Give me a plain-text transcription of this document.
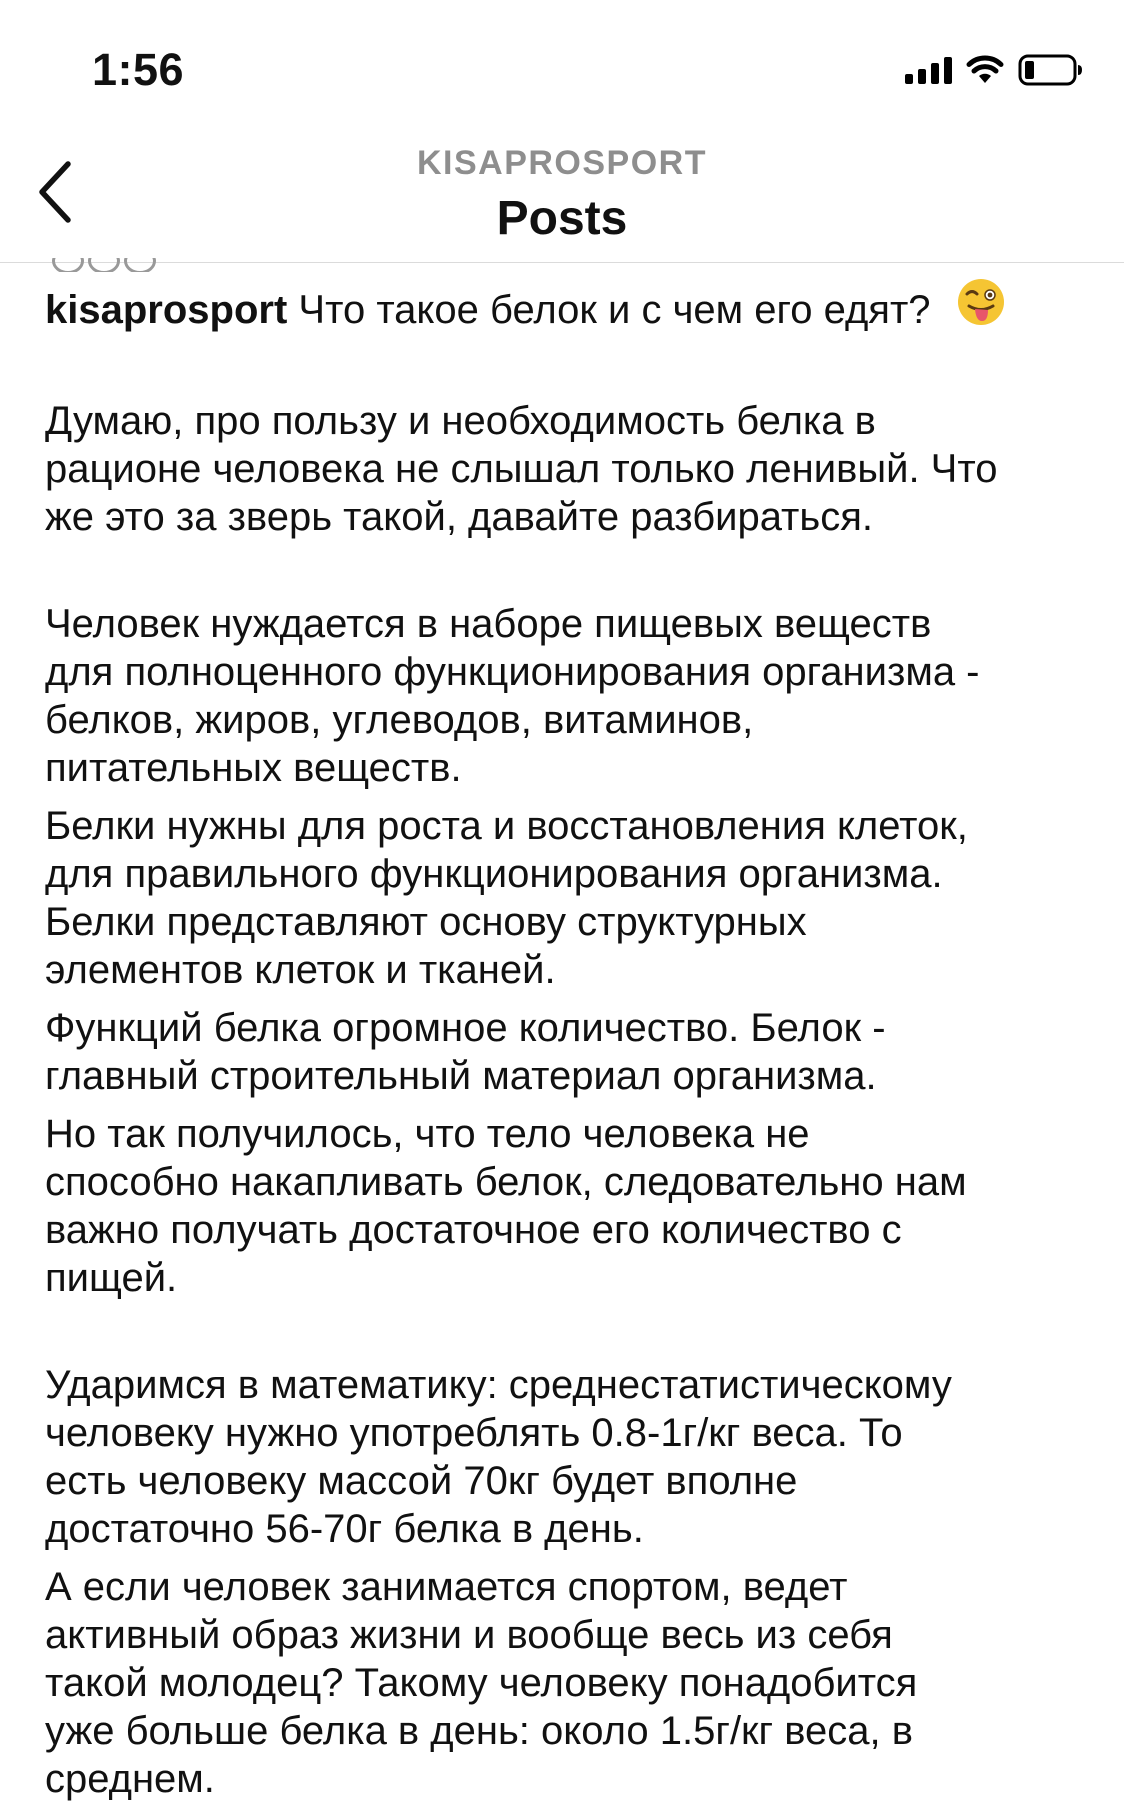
1:56
KISAPROSPORT
Posts
kisaprosport Что такое белок и с чем его едят?

Думаю, про пользу и необходимость белка в
рационе человека не слышал только ленивый. Что
же это за зверь такой, давайте разбираться.

Человек нуждается в наборе пищевых веществ
для полноценного функционирования организма -
белков, жиров, углеводов, витаминов,
питательных веществ.

Белки нужны для роста и восстановления клеток,
для правильного функционирования организма.
Белки представляют основу структурных
элементов клеток и тканей.

Функций белка огромное количество. Белок -
главный строительный материал организма.

Но так получилось, что тело человека не
способно накапливать белок, следовательно нам
важно получать достаточное его количество с
пищей.

Ударимся в математику: среднестатистическому
человеку нужно употреблять 0.8-1г/кг веса. То
есть человеку массой 70кг будет вполне
достаточно 56-70г белка в день.

А если человек занимается спортом, ведет
активный образ жизни и вообще весь из себя
такой молодец? Такому человеку понадобится
уже больше белка в день: около 1.5г/кг веса, в
среднем.
